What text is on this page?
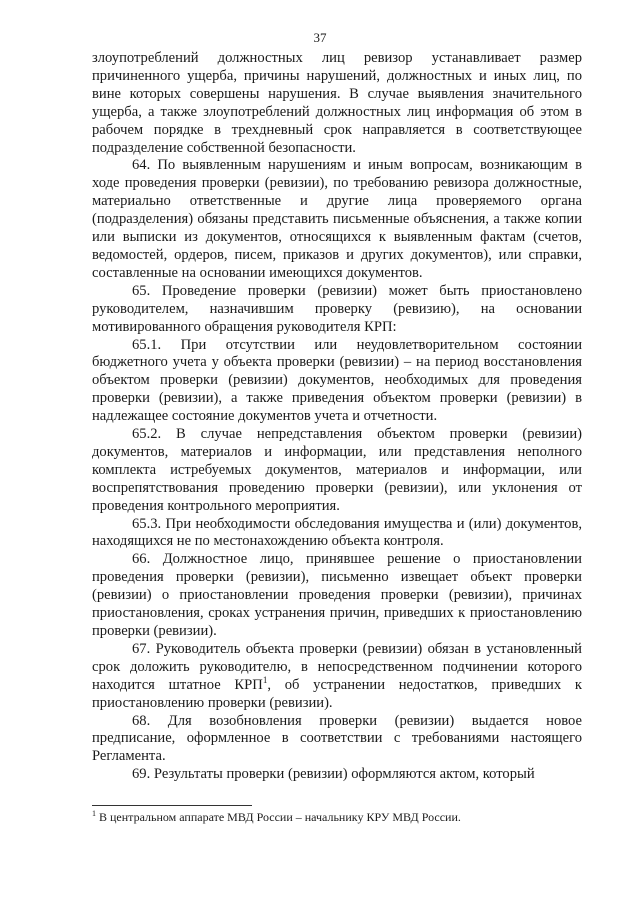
37

злоупотреблений должностных лиц ревизор устанавливает размер причиненного ущерба, причины нарушений, должностных и иных лиц, по вине которых совершены нарушения. В случае выявления значительного ущерба, а также злоупотреблений должностных лиц информация об этом в рабочем порядке в трехдневный срок направляется в соответствующее подразделение собственной безопасности.

64. По выявленным нарушениям и иным вопросам, возникающим в ходе проведения проверки (ревизии), по требованию ревизора должностные, материально ответственные и другие лица проверяемого органа (подразделения) обязаны представить письменные объяснения, а также копии или выписки из документов, относящихся к выявленным фактам (счетов, ведомостей, ордеров, писем, приказов и других документов), или справки, составленные на основании имеющихся документов.

65. Проведение проверки (ревизии) может быть приостановлено руководителем, назначившим проверку (ревизию), на основании мотивированного обращения руководителя КРП:

65.1. При отсутствии или неудовлетворительном состоянии бюджетного учета у объекта проверки (ревизии) – на период восстановления объектом проверки (ревизии) документов, необходимых для проведения проверки (ревизии), а также приведения объектом проверки (ревизии) в надлежащее состояние документов учета и отчетности.

65.2. В случае непредставления объектом проверки (ревизии) документов, материалов и информации, или представления неполного комплекта истребуемых документов, материалов и информации, или воспрепятствования проведению проверки (ревизии), или уклонения от проведения контрольного мероприятия.

65.3. При необходимости обследования имущества и (или) документов, находящихся не по местонахождению объекта контроля.

66. Должностное лицо, принявшее решение о приостановлении проведения проверки (ревизии), письменно извещает объект проверки (ревизии) о приостановлении проведения проверки (ревизии), причинах приостановления, сроках устранения причин, приведших к приостановлению проверки (ревизии).

67. Руководитель объекта проверки (ревизии) обязан в установленный срок доложить руководителю, в непосредственном подчинении которого находится штатное КРП$^1$, об устранении недостатков, приведших к приостановлению проверки (ревизии).

68. Для возобновления проверки (ревизии) выдается новое предписание, оформленное в соответствии с требованиями настоящего Регламента.

69. Результаты проверки (ревизии) оформляются актом, который

$^1$ В центральном аппарате МВД России – начальнику КРУ МВД России.
